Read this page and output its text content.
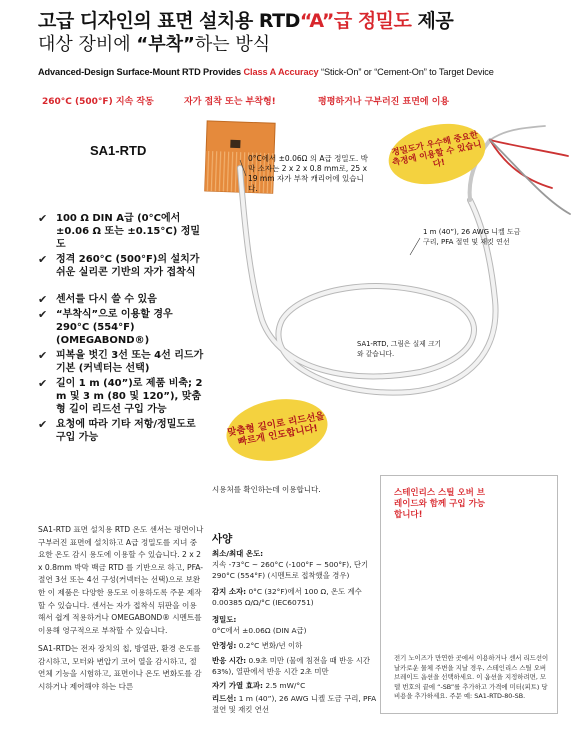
고급 디자인의 표면 설치용 RTD“A”급 정밀도 제공
대상 장비에 “부착”하는 방식
Advanced-Design Surface-Mount RTD Provides Class A Accuracy “Stick-On” or “Cement-On” to Target Device
260°C (500°F) 지속 작동	자가 접착 또는 부착형!	평평하거나 구부러진 표면에 이용
SA1-RTD
✔ 100 Ω DIN A급 (0°C에서 ±0.06 Ω 또는 ±0.15°C) 정밀도
✔ 정격 260°C (500°F)의 설치가 쉬운 실리콘 기반의 자가 접착식
✔ 센서를 다시 쓸 수 있음
✔ “부착식”으로 이용할 경우 290°C (554°F) (OMEGABOND®)
✔ 피복을 벗긴 3선 또는 4선 리드가 기본 (커넥터는 선택)
✔ 길이 1 m (40”)로 제품 비축; 2 m 및 3 m (80 및 120”), 맞춤형 길이 리드선 구입 가능
✔ 요청에 따라 기타 저항/정밀도로 구입 가능
0°C에서 ±0.06Ω 의 A급 정밀도. 박막 소자는 2 x 2 x 0.8 mm로, 25 x 19 mm 자가 부착 캐리어에 있습니다.
1 m (40”), 26 AWG 니켈 도금 구리, PFA 절연 및 재킷 연선
SA1-RTD, 그림은 실제 크기와 같습니다.
정밀도가 우수해 중요한 측정에 이용할 수 있습니다!
맞춤형 길이로 리드선을 빠르게 인도합니다!
시용처를 확인하는데 이용합니다.
SA1-RTD 표면 설치용 RTD 온도 센서는 평면이나 구부러진 표면에 설치하고 A급 정밀도를 지녀 중요한 온도 감시 용도에 이용할 수 있습니다. 2 x 2 x 0.8mm 박막 백금 RTD 를 기반으로 하고, PFA-절연 3선 또는 4선 구성(커넥터는 선택)으로 보완한 이 제품은 다양한 용도로 이용하도록 주문 제작할 수 있습니다. 센서는 자가 접착식 뒤판을 이용해서 쉽게 적용하거나 OMEGABOND® 시멘트를 이용해 영구적으로 부착할 수 있습니다.
SA1-RTD는 전자 장치의 칩, 방열판, 환경 온도를 감시하고, 모터와 변압기 코어 열을 감시하고, 절연체 기능을 시험하고, 표면이나 온도 변화도를 감시하거나 제어해야 하는 다른
사양
최소/최대 온도:
지속 -73°C ~ 260°C (-100°F ~ 500°F), 단기 290°C (554°F) (시멘트로 접착했을 경우)
감지 소자: 0°C (32°F)에서 100 Ω, 온도 계수 0.00385 Ω/Ω/°C (IEC60751)
정밀도:
0°C에서 ±0.06Ω (DIN A급)
안정성: 0.2°C 변화/년 이하
반응 시간: 0.9초 미만 (물에 침전을 때 반응 시간 63%), 열판에서 반응 시간 2초 미만
자기 가열 효과: 2.5 mW/°C
리드선: 1 m (40”), 26 AWG 니켈 도금 구리, PFA 절연 및 재킷 연선
스테인리스 스틸 오버 브레이드와 함께 구입 가능합니다!
전기 노이즈가 만연한 곳에서 이용하거나 센서 리드선이 날카로운 물체 주변을 지날 경우, 스테인리스 스틸 오버브레이드 옵션을 선택하세요. 이 옵션을 지정하려면, 모델 번호의 끝에 “-SB”를 추가하고 가격에 미터(피트) 당 비용을 추가하세요. 주문 예: SA1-RTD-80-SB.
